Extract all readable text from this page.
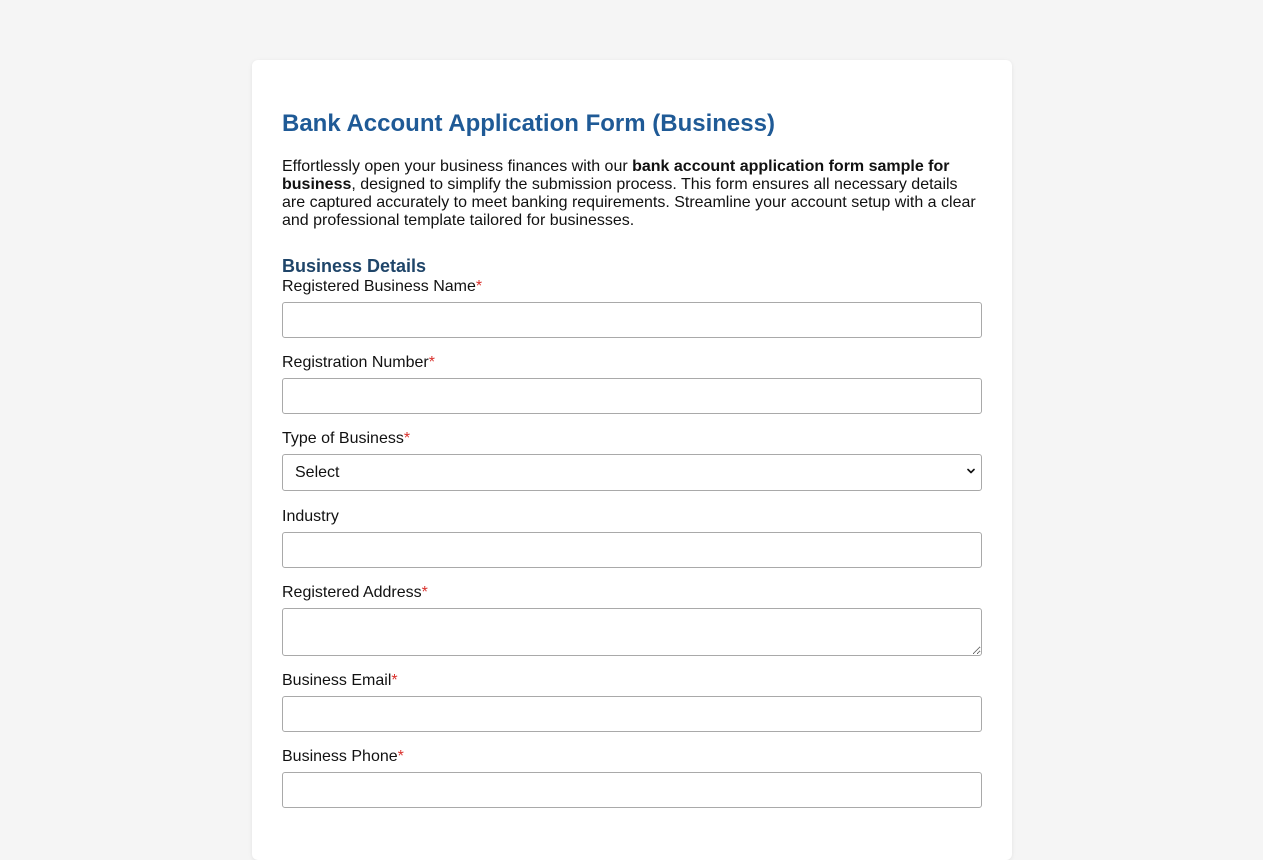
Bank Account Application Form (Business)

Effortlessly open your business finances with our bank account application form sample for business, designed to simplify the submission process. This form ensures all necessary details are captured accurately to meet banking requirements. Streamline your account setup with a clear and professional template tailored for businesses.

Business Details
Registered Business Name*
Registration Number*
Type of Business*
Select
Industry
Registered Address*
Business Email*
Business Phone*
